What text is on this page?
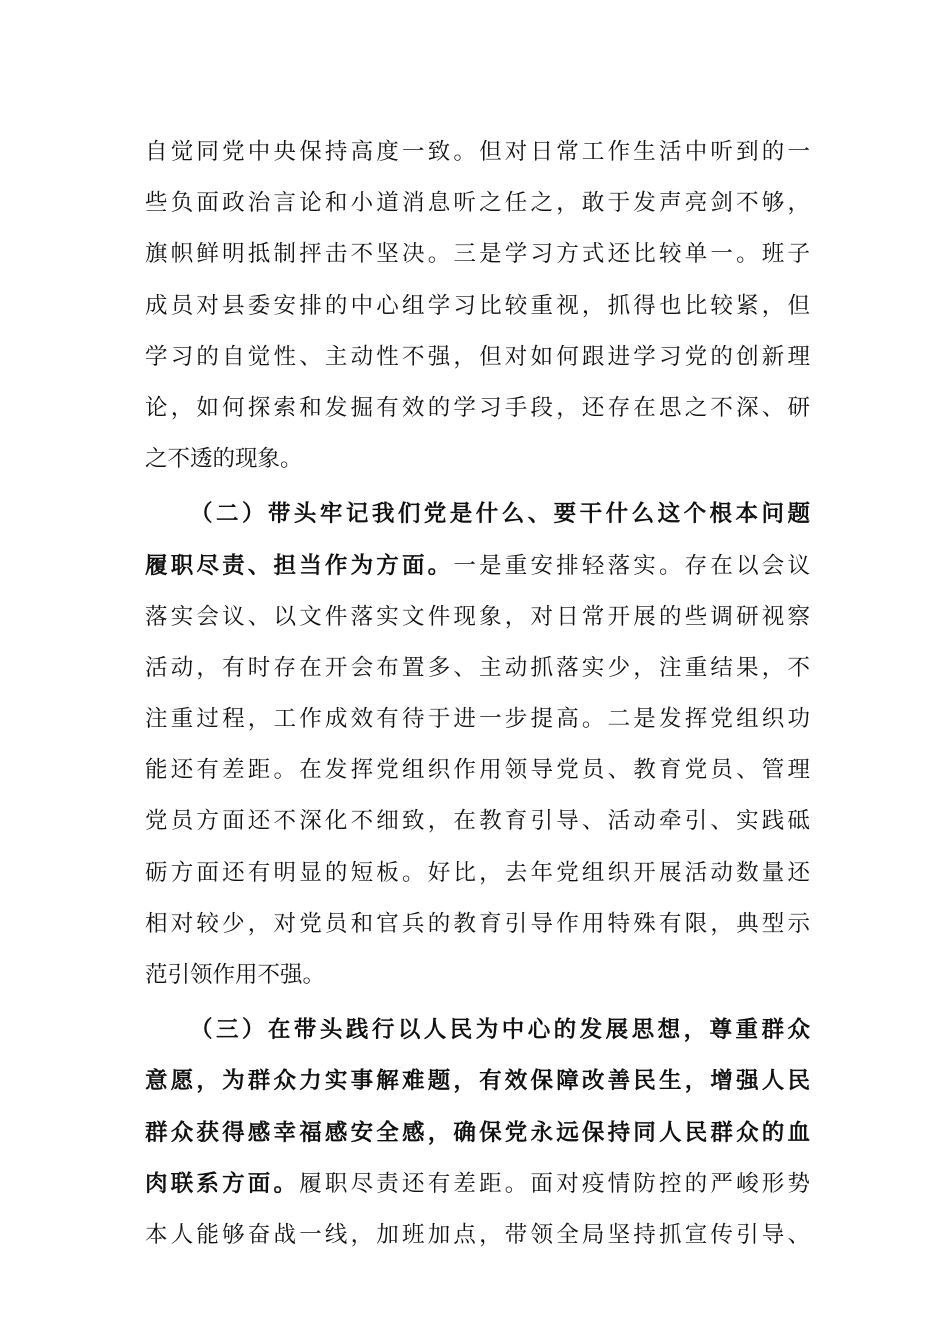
自觉同党中央保持高度一致。但对日常工作生活中听到的一
些负面政治言论和小道消息听之任之，敢于发声亮剑不够，
旗帜鲜明抵制抨击不坚决。三是学习方式还比较单一。班子
成员对县委安排的中心组学习比较重视，抓得也比较紧，但
学习的自觉性、主动性不强，但对如何跟进学习党的创新理
论，如何探索和发掘有效的学习手段，还存在思之不深、研
之不透的现象。
（二）带头牢记我们党是什么、要干什么这个根本问题
履职尽责、担当作为方面。一是重安排轻落实。存在以会议
落实会议、以文件落实文件现象，对日常开展的些调研视察
活动，有时存在开会布置多、主动抓落实少，注重结果，不
注重过程，工作成效有待于进一步提高。二是发挥党组织功
能还有差距。在发挥党组织作用领导党员、教育党员、管理
党员方面还不深化不细致，在教育引导、活动牵引、实践砥
砺方面还有明显的短板。好比，去年党组织开展活动数量还
相对较少，对党员和官兵的教育引导作用特殊有限，典型示
范引领作用不强。
（三）在带头践行以人民为中心的发展思想，尊重群众
意愿，为群众力实事解难题，有效保障改善民生，增强人民
群众获得感幸福感安全感，确保党永远保持同人民群众的血
肉联系方面。履职尽责还有差距。面对疫情防控的严峻形势
本人能够奋战一线，加班加点，带领全局坚持抓宣传引导、
